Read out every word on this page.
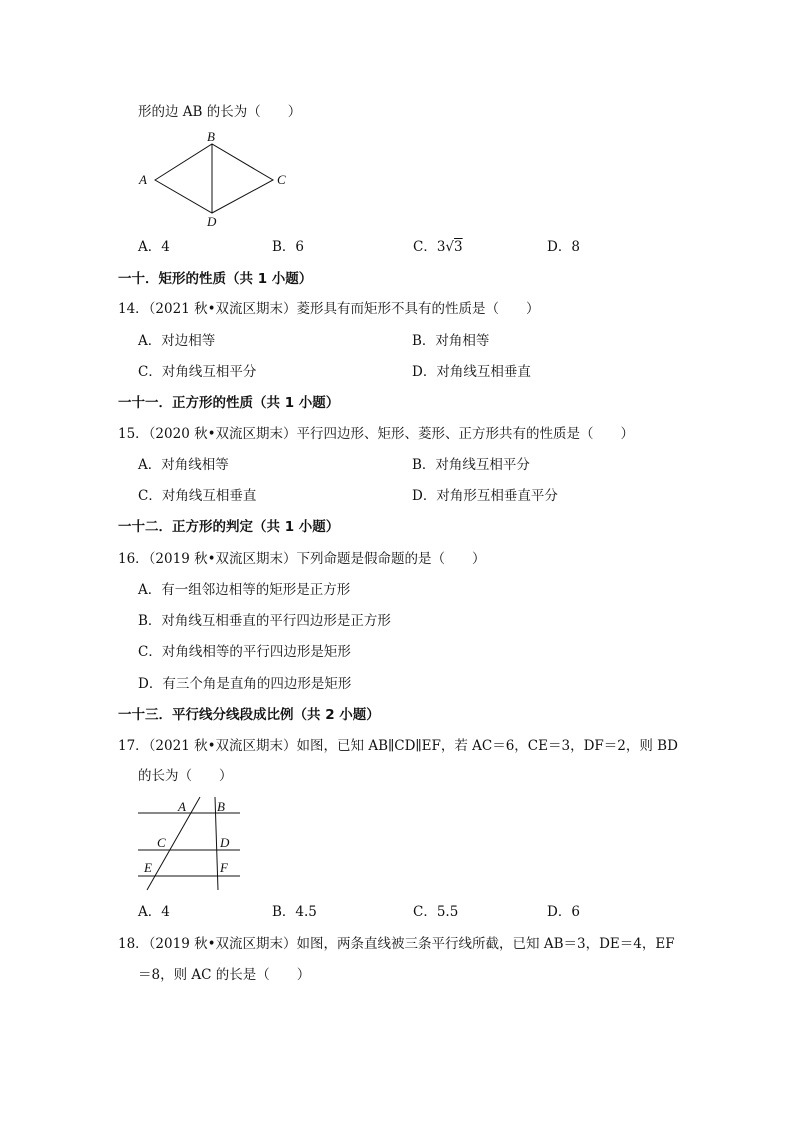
形的边 AB 的长为（　　）
B
A	C
D
A．4	B．6	C．3√3	D．8
一十．矩形的性质（共 1 小题）
14．（2021 秋•双流区期末）菱形具有而矩形不具有的性质是（　　）
A．对边相等	B．对角相等
C．对角线互相平分	D．对角线互相垂直
一十一．正方形的性质（共 1 小题）
15．（2020 秋•双流区期末）平行四边形、矩形、菱形、正方形共有的性质是（　　）
A．对角线相等	B．对角线互相平分
C．对角线互相垂直	D．对角形互相垂直平分
一十二．正方形的判定（共 1 小题）
16．（2019 秋•双流区期末）下列命题是假命题的是（　　）
A．有一组邻边相等的矩形是正方形
B．对角线互相垂直的平行四边形是正方形
C．对角线相等的平行四边形是矩形
D．有三个角是直角的四边形是矩形
一十三．平行线分线段成比例（共 2 小题）
17．（2021 秋•双流区期末）如图，已知 AB∥CD∥EF，若 AC＝6，CE＝3，DF＝2，则 BD
的长为（　　）
A B
C	D
E	F
A．4	B．4.5	C．5.5	D．6
18．（2019 秋•双流区期末）如图，两条直线被三条平行线所截，已知 AB＝3，DE＝4，EF
＝8，则 AC 的长是（　　）
